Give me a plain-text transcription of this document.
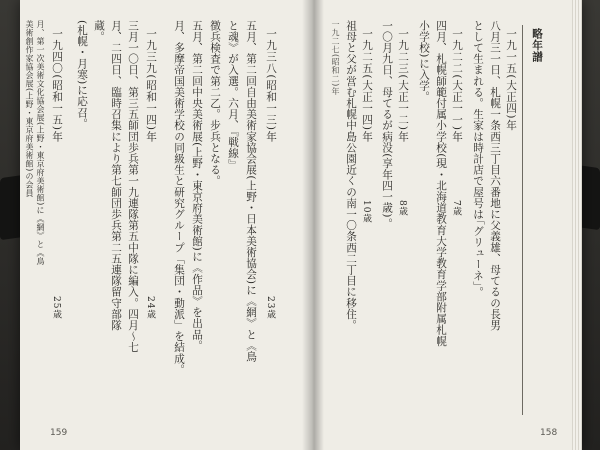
一九三八(昭和一三)年
23歳
五月、第二回自由美術家協会展(上野・日本美術協会)に《網》と《鳥
と魂》が入選。六月、『戦線』
徴兵検査で第二乙。步兵となる。
五月、第二回中央美術展(上野・東京府美術館)に《作品》を出品。
月、多摩帝国美術学校の同級生と研究グループ「集団・動派」を結成。
一九三九(昭和一四)年
24歳
三月一〇日、第三五師団歩兵第一九連隊第五中隊に編入。四月～七
月、二四日、臨時召集により第七師団歩兵第二五連隊留守部隊
蔵。
(札幌・月寒)に応召。
一九四〇(昭和一五)年
25歳
月、第一次美術文化協会展(上野・東京府美術館)に《網》と《鳥
美術創作家協会展(上野・東京府美術館)の会員
159
略年譜
一九一五(大正四)年
八月三一日、札幌一条西三丁目六番地に父義雄、母てるの長男
として生まれる。生家は時計店で屋号は｢グリューネ｣。
一九二二(大正一一)年
7歳
四月、札幌師範付属小学校(現・北海道教育大学教育学部附属札幌
小学校)に入学。
一九二三(大正一二)年
8歳
一〇月九日、母てるが病没(享年四一歳)。
一九二五(大正一四)年
10歳
祖母と父が営む札幌中島公園近くの南一〇条西二丁目に移住。
一九二七(昭和二)年
158
